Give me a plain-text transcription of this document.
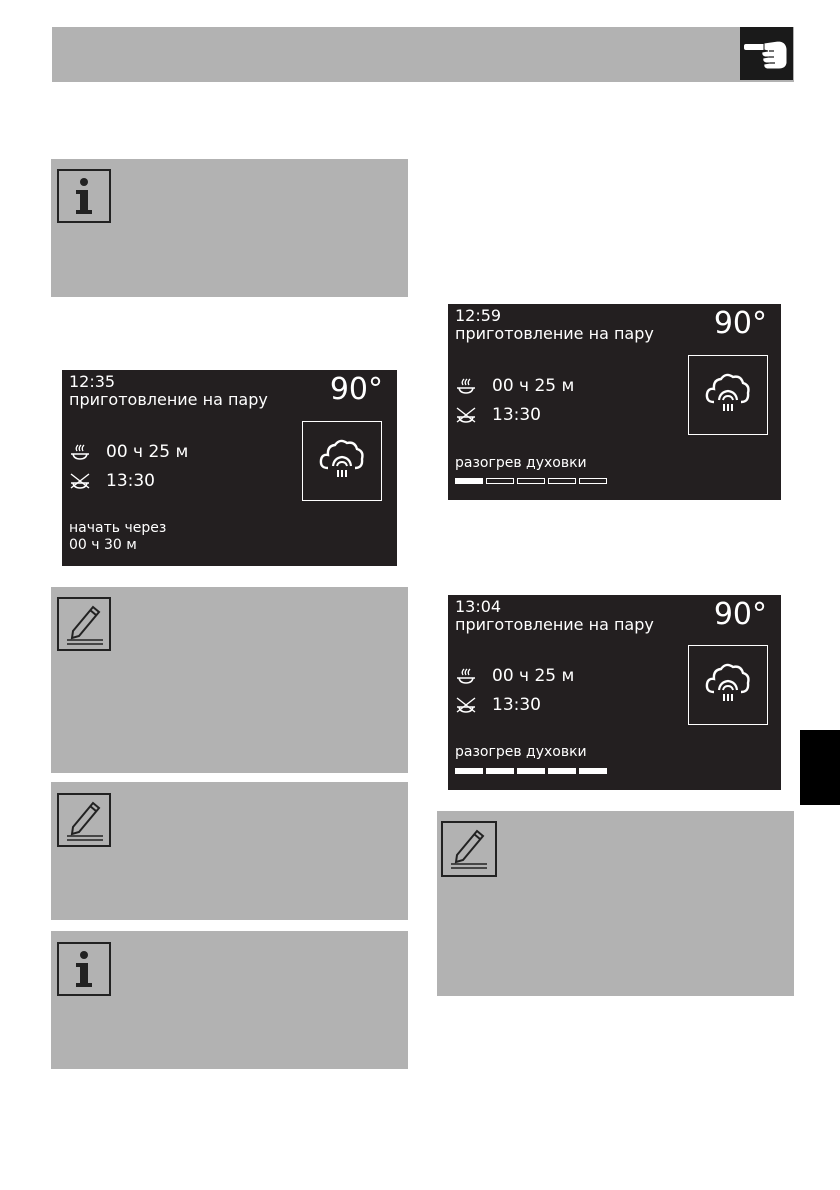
12:35
приготовление на пару 90°
00 ч 25 м
13:30
начать через
00 ч 30 м
12:59
приготовление на пару 90°
00 ч 25 м
13:30
разогрев духовки
13:04
приготовление на пару 90°
00 ч 25 м
13:30
разогрев духовки
